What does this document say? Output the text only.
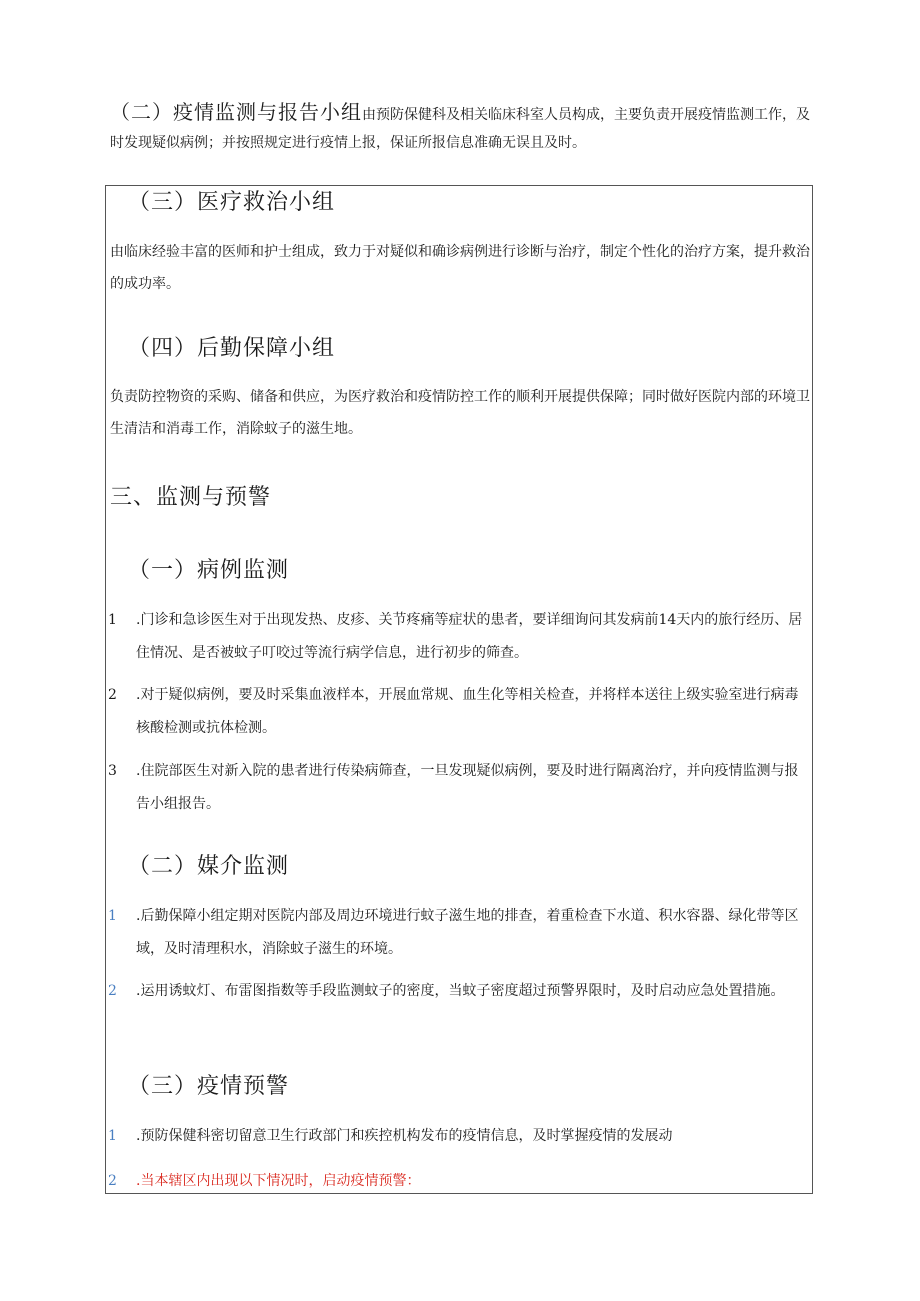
（二）疫情监测与报告小组由预防保健科及相关临床科室人员构成，主要负责开展疫情监测工作，及时发现疑似病例；并按照规定进行疫情上报，保证所报信息准确无误且及时。
（三）医疗救治小组
由临床经验丰富的医师和护士组成，致力于对疑似和确诊病例进行诊断与治疗，制定个性化的治疗方案，提升救治的成功率。
（四）后勤保障小组
负责防控物资的采购、储备和供应，为医疗救治和疫情防控工作的顺利开展提供保障；同时做好医院内部的环境卫生清洁和消毒工作，消除蚊子的滋生地。
三、监测与预警
（一）病例监测
1	.门诊和急诊医生对于出现发热、皮疹、关节疼痛等症状的患者，要详细询问其发病前14天内的旅行经历、居住情况、是否被蚊子叮咬过等流行病学信息，进行初步的筛查。
2	.对于疑似病例，要及时采集血液样本，开展血常规、血生化等相关检查，并将样本送往上级实验室进行病毒核酸检测或抗体检测。
3	.住院部医生对新入院的患者进行传染病筛查，一旦发现疑似病例，要及时进行隔离治疗，并向疫情监测与报告小组报告。
（二）媒介监测
1	.后勤保障小组定期对医院内部及周边环境进行蚊子滋生地的排查，着重检查下水道、积水容器、绿化带等区域，及时清理积水，消除蚊子滋生的环境。
2	.运用诱蚊灯、布雷图指数等手段监测蚊子的密度，当蚊子密度超过预警界限时，及时启动应急处置措施。
（三）疫情预警
1	.预防保健科密切留意卫生行政部门和疾控机构发布的疫情信息，及时掌握疫情的发展动
2	.当本辖区内出现以下情况时，启动疫情预警：
